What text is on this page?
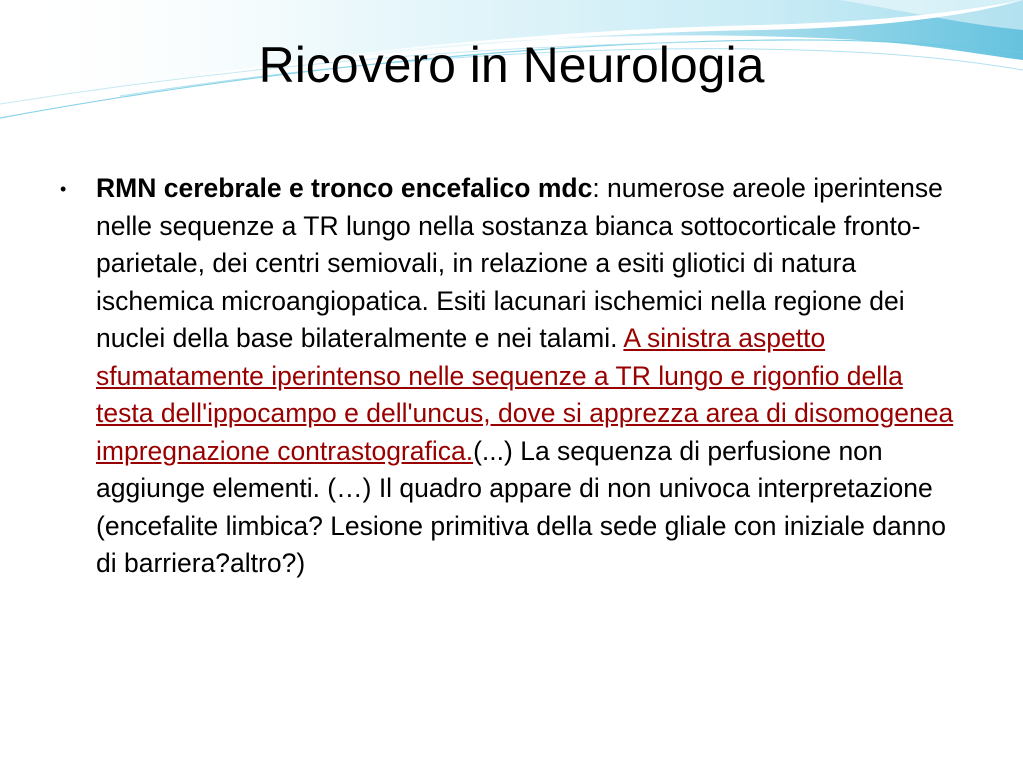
Ricovero in Neurologia
•	RMN cerebrale e tronco encefalico mdc: numerose areole iperintense nelle sequenze a TR lungo nella sostanza bianca sottocorticale fronto-parietale, dei centri semiovali, in relazione a esiti gliotici di natura ischemica microangiopatica. Esiti lacunari ischemici nella regione dei nuclei della base bilateralmente e nei talami. A sinistra aspetto sfumatamente iperintenso nelle sequenze a TR lungo e rigonfio della testa dell'ippocampo e dell'uncus, dove si apprezza area di disomogenea impregnazione contrastografica.(...) La sequenza di perfusione non aggiunge elementi. (…) Il quadro appare di non univoca interpretazione (encefalite limbica? Lesione primitiva della sede gliale con iniziale danno di barriera?altro?)
